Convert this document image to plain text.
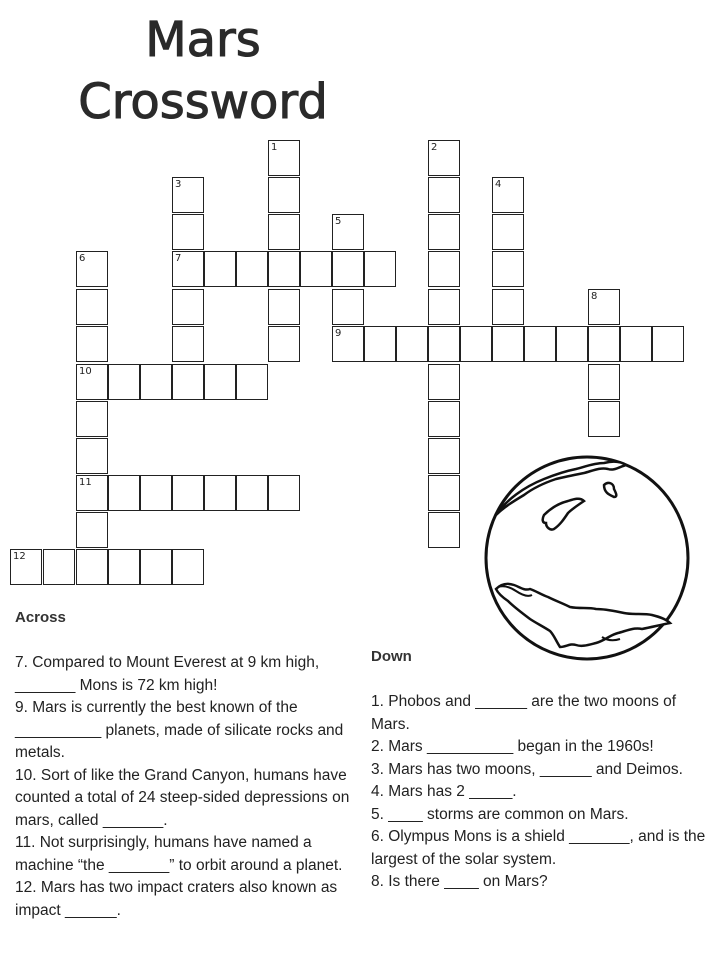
Mars
Crossword
1	2
3	4
5
6	7
8
9
10
11
12
Across
7. Compared to Mount Everest at 9 km high, _______ Mons is 72 km high!
9. Mars is currently the best known of the __________ planets, made of silicate rocks and metals.
10. Sort of like the Grand Canyon, humans have counted a total of 24 steep-sided depressions on mars, called _______.
11. Not surprisingly, humans have named a machine “the _______” to orbit around a planet.
12. Mars has two impact craters also known as impact ______.
Down
1. Phobos and ______ are the two moons of Mars.
2. Mars __________ began in the 1960s!
3. Mars has two moons, ______ and Deimos.
4. Mars has 2 _____.
5. ____ storms are common on Mars.
6. Olympus Mons is a shield _______, and is the largest of the solar system.
8. Is there ____ on Mars?
